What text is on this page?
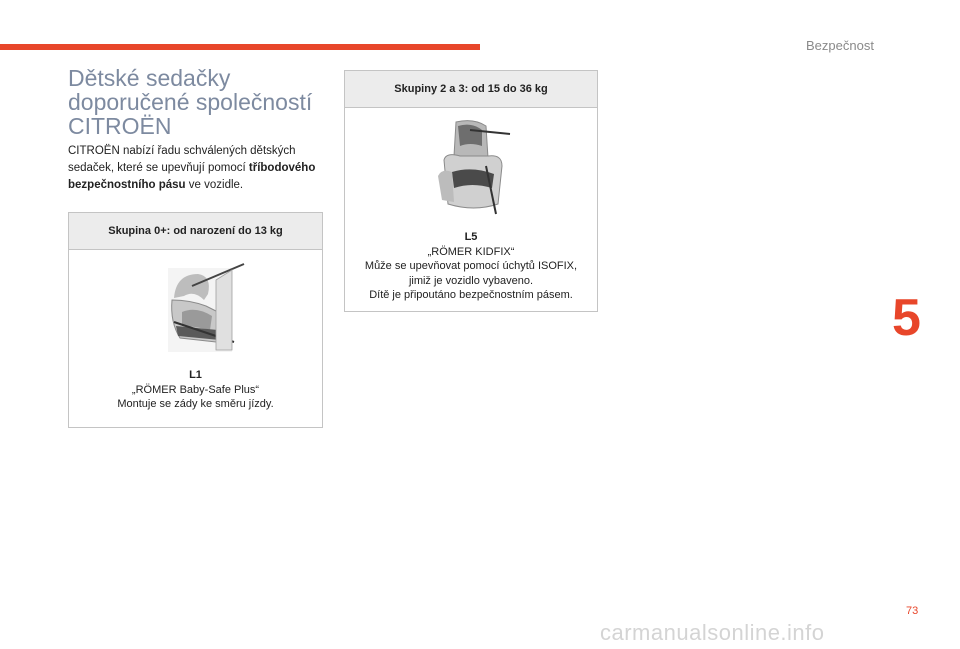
Bezpečnost
5
Dětské sedačky
doporučené společností
CITROËN

CITROËN nabízí řadu schválených dětských sedaček, které se upevňují pomocí tříbodového bezpečnostního pásu ve vozidle.

Skupina 0+: od narození do 13 kg
L1
„RÖMER Baby-Safe Plus“
Montuje se zády ke směru jízdy.
Skupiny 2 a 3: od 15 do 36 kg
L5
„RÖMER KIDFIX“
Může se upevňovat pomocí úchytů ISOFIX,
jimiž je vozidlo vybaveno.
Dítě je připoutáno bezpečnostním pásem.
73
carmanualsonline.info
